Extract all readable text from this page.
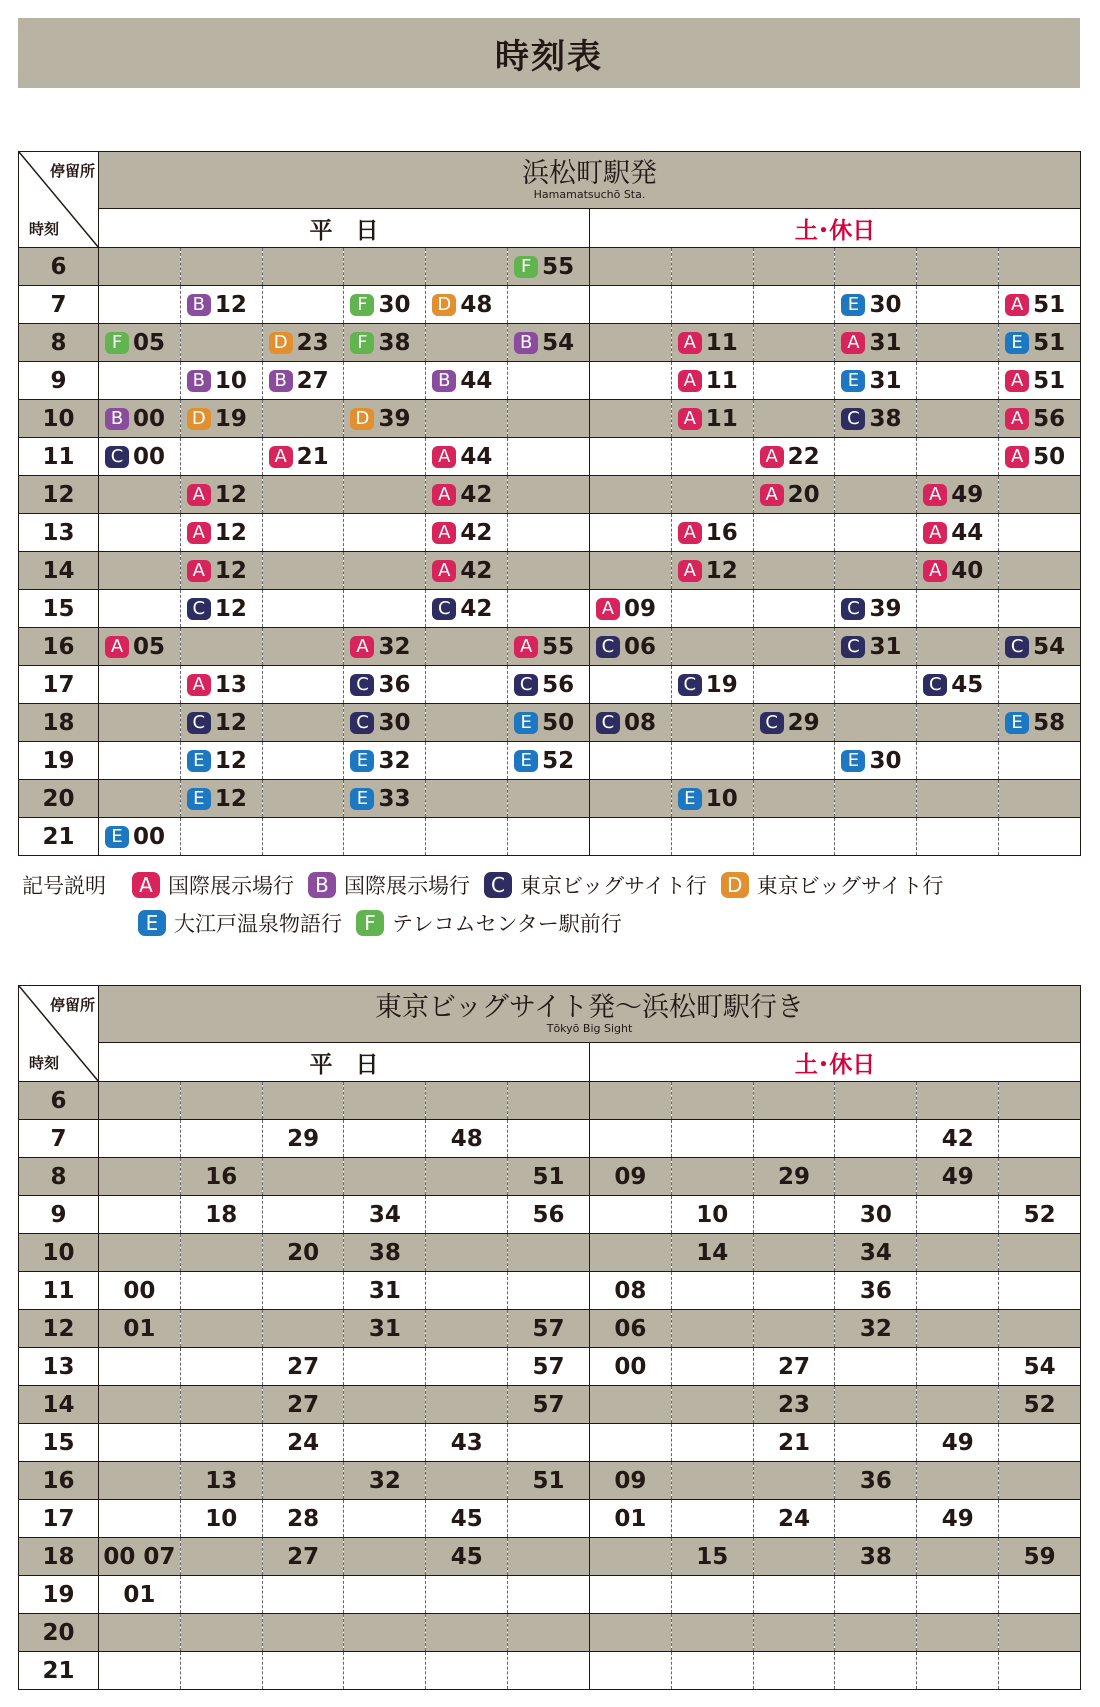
時刻表
停留所
時刻	浜松町駅発
Hamamatsuchō Sta.											

	平　日						土･休日					
6						F 55						

7		B 12		F 30	D 48					E 30		A 51

8	F 05		D 23	F 38		B 54		A 11		A 31		E 51

9		B 10	B 27		B 44			A 11		E 31		A 51

10	B 00	D 19		D 39				A 11		C 38		A 56

11	C 00		A 21		A 44				A 22			A 50

12		A 12			A 42				A 20		A 49	

13		A 12			A 42			A 16			A 44	

14		A 12			A 42			A 12			A 40	

15		C 12			C 42		A 09			C 39		

16	A 05			A 32		A 55	C 06			C 31		C 54

17		A 13		C 36		C 56		C 19			C 45	

18		C 12		C 30		E 50	C 08		C 29			E 58

19		E 12		E 32		E 52				E 30		

20		E 12		E 33				E 10				

21	E 00											

記号説明	A 国際展示場行	B 国際展示場行	C 東京ビッグサイト行	D 東京ビッグサイト行
E 大江戸温泉物語行	F テレコムセンター駅前行
停留所
時刻	東京ビッグサイト発〜浜松町駅行き
Tōkyō Big Sight											

	平　日						土･休日					
6	

7			29		48						42	

8		16				51	09		29		49	

9		18		34		56		10		30		52

10			20	38				14		34		

11	00			31			08			36		

12	01			31		57	06			32		

13			27			57	00		27			54

14			27			57			23			52

15			24		43				21		49	

16		13		32		51	09			36		

17		10	28		45		01		24		49	

18	00 07		27		45			15		38		59

19	01											

20	

21	
